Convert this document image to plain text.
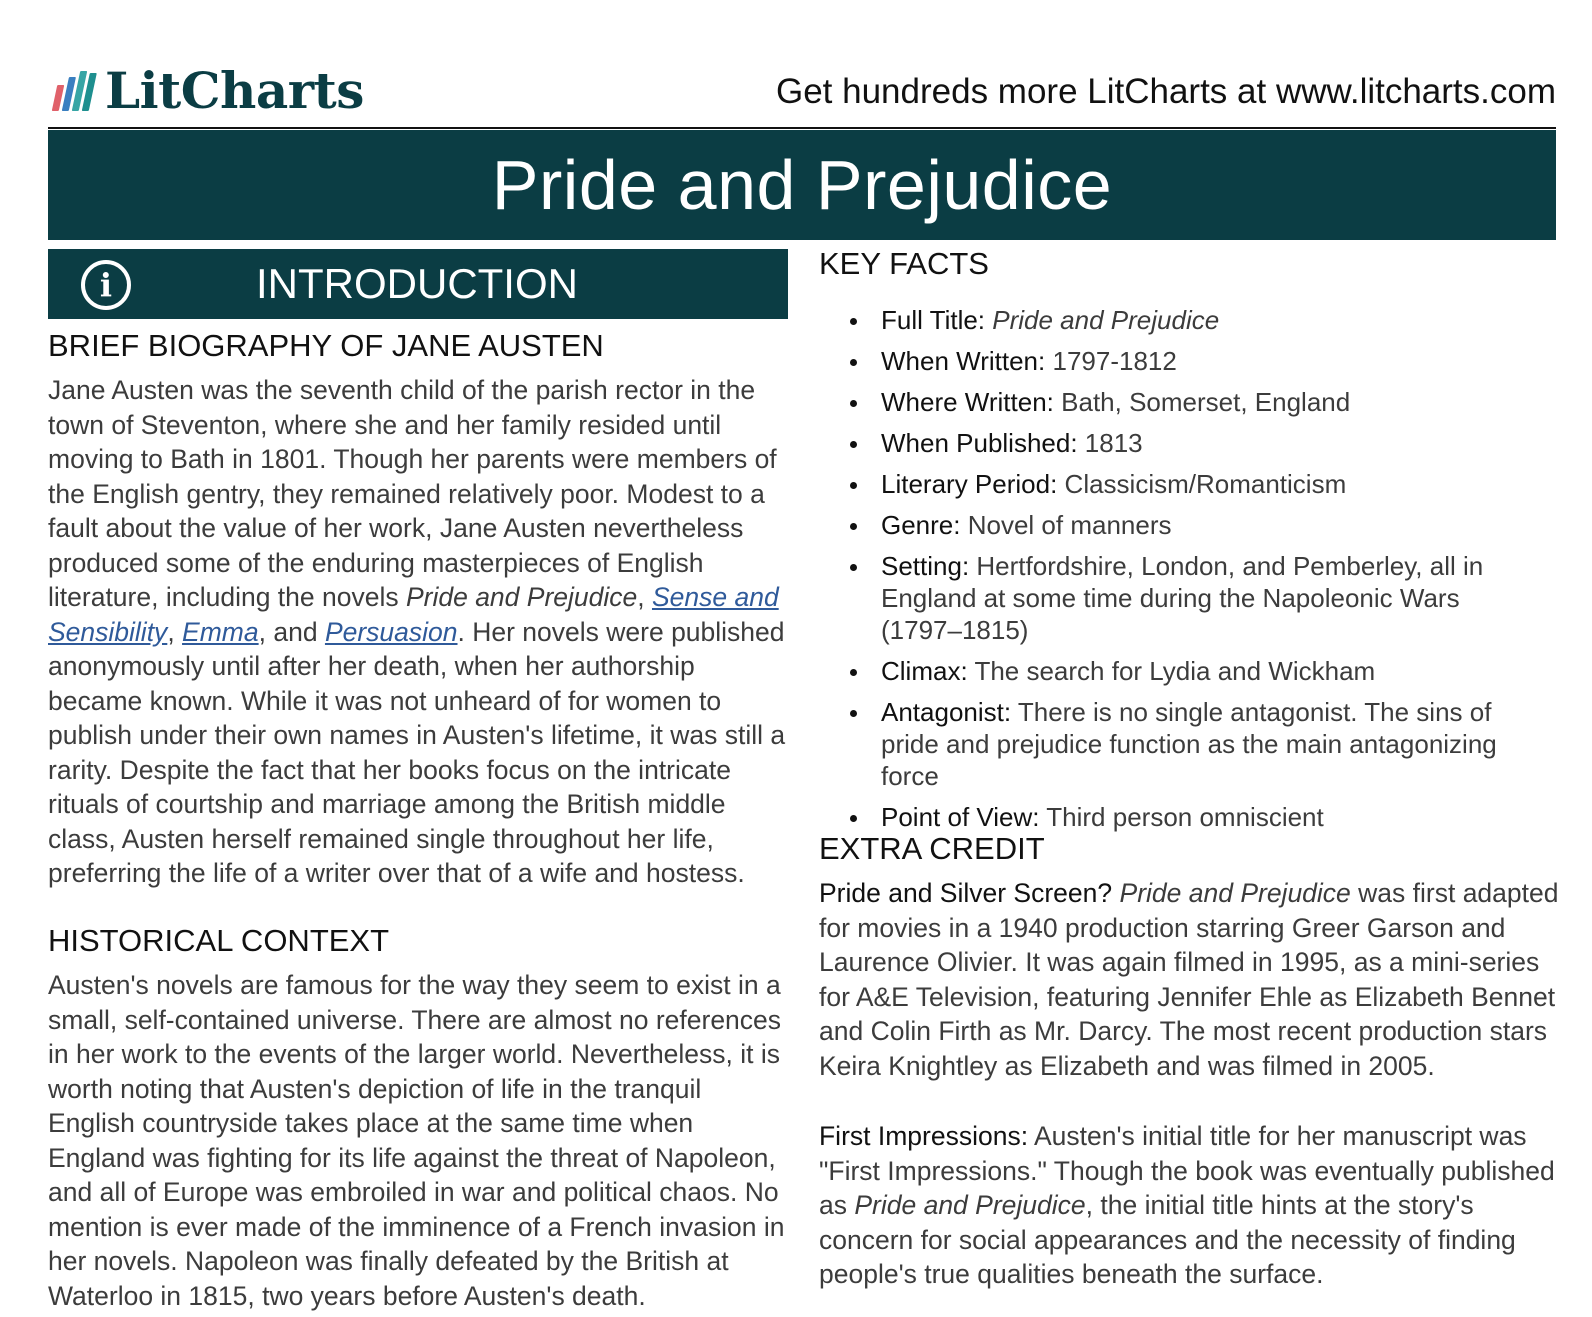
LitCharts	Get hundreds more LitCharts at www.litcharts.com
Pride and Prejudice
i	INTRODUCTION
BRIEF BIOGRAPHY OF JANE AUSTEN

Jane Austen was the seventh child of the parish rector in the town of Steventon, where she and her family resided until moving to Bath in 1801. Though her parents were members of the English gentry, they remained relatively poor. Modest to a fault about the value of her work, Jane Austen nevertheless produced some of the enduring masterpieces of English literature, including the novels Pride and Prejudice, Sense and Sensibility, Emma, and Persuasion. Her novels were published anonymously until after her death, when her authorship became known. While it was not unheard of for women to publish under their own names in Austen's lifetime, it was still a rarity. Despite the fact that her books focus on the intricate rituals of courtship and marriage among the British middle class, Austen herself remained single throughout her life, preferring the life of a writer over that of a wife and hostess.

HISTORICAL CONTEXT

Austen's novels are famous for the way they seem to exist in a small, self-contained universe. There are almost no references in her work to the events of the larger world. Nevertheless, it is worth noting that Austen's depiction of life in the tranquil English countryside takes place at the same time when England was fighting for its life against the threat of Napoleon, and all of Europe was embroiled in war and political chaos. No mention is ever made of the imminence of a French invasion in her novels. Napoleon was finally defeated by the British at Waterloo in 1815, two years before Austen's death.

KEY FACTS
Full Title: Pride and Prejudice
When Written: 1797-1812
Where Written: Bath, Somerset, England
When Published: 1813
Literary Period: Classicism/Romanticism
Genre: Novel of manners
Setting: Hertfordshire, London, and Pemberley, all in England at some time during the Napoleonic Wars (1797–1815)
Climax: The search for Lydia and Wickham
Antagonist: There is no single antagonist. The sins of pride and prejudice function as the main antagonizing force
Point of View: Third person omniscient
EXTRA CREDIT

Pride and Silver Screen? Pride and Prejudice was first adapted for movies in a 1940 production starring Greer Garson and Laurence Olivier. It was again filmed in 1995, as a mini-series for A&E Television, featuring Jennifer Ehle as Elizabeth Bennet and Colin Firth as Mr. Darcy. The most recent production stars Keira Knightley as Elizabeth and was filmed in 2005.

First Impressions: Austen's initial title for her manuscript was "First Impressions." Though the book was eventually published as Pride and Prejudice, the initial title hints at the story's concern for social appearances and the necessity of finding people's true qualities beneath the surface.
